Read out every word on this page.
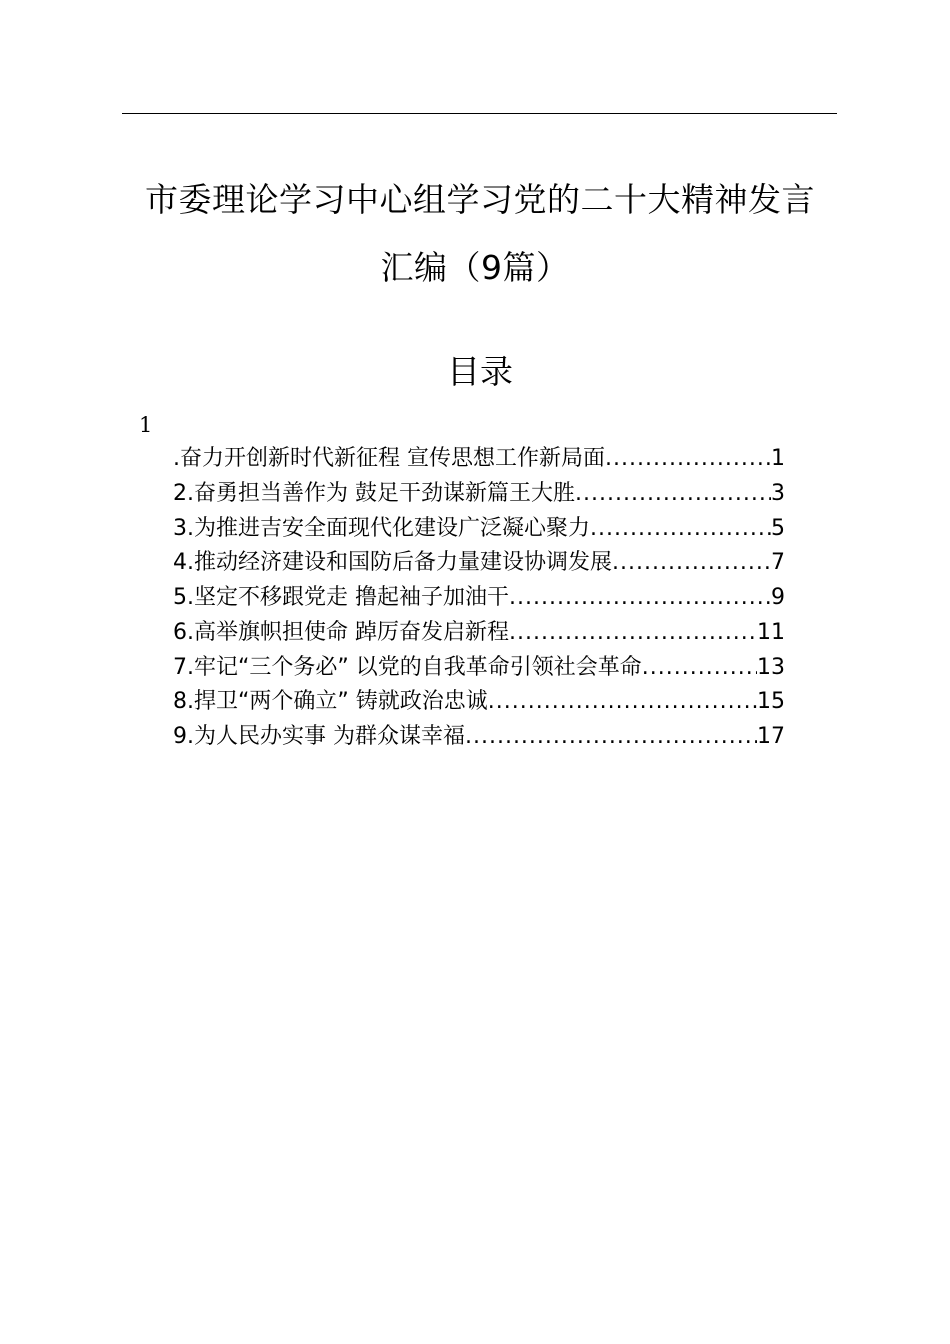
市委理论学习中心组学习党的二十大精神发言
汇编（9篇）
目录
1
.奋力开创新时代新征程 宣传思想工作新局面 .....	1
2.奋勇担当善作为 鼓足干劲谋新篇王大胜 .....	3
3.为推进吉安全面现代化建设广泛凝心聚力 .....	5
4.推动经济建设和国防后备力量建设协调发展 .....	7
5.坚定不移跟党走 撸起袖子加油干 .....	9
6.高举旗帜担使命 踔厉奋发启新程 .....	11
7.牢记“三个务必” 以党的自我革命引领社会革命 .....	13
8.捍卫“两个确立” 铸就政治忠诚 .....	15
9.为人民办实事 为群众谋幸福 .....	17
